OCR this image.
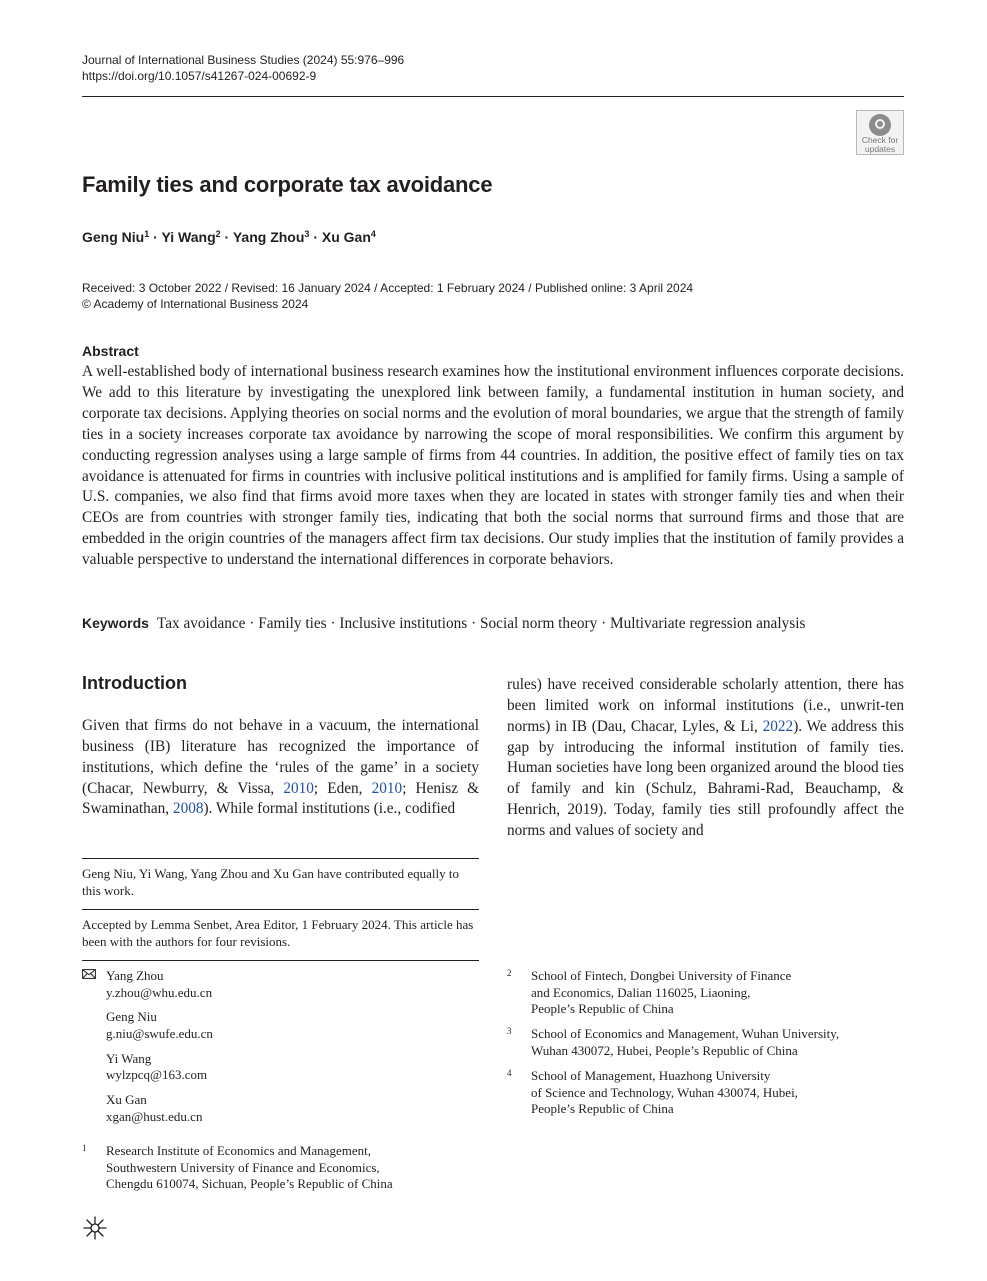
Journal of International Business Studies (2024) 55:976–996
https://doi.org/10.1057/s41267-024-00692-9
Check for
updates
Family ties and corporate tax avoidance
Geng Niu$^1$ · Yi Wang$^2$ · Yang Zhou$^3$ · Xu Gan$^4$
Received: 3 October 2022 / Revised: 16 January 2024 / Accepted: 1 February 2024 / Published online: 3 April 2024
© Academy of International Business 2024
Abstract
A well-established body of international business research examines how the institutional environment influences corporate decisions. We add to this literature by investigating the unexplored link between family, a fundamental institution in human society, and corporate tax decisions. Applying theories on social norms and the evolution of moral boundaries, we argue that the strength of family ties in a society increases corporate tax avoidance by narrowing the scope of moral responsibilities. We confirm this argument by conducting regression analyses using a large sample of firms from 44 countries. In addition, the positive effect of family ties on tax avoidance is attenuated for firms in countries with inclusive political institutions and is amplified for family firms. Using a sample of U.S. companies, we also find that firms avoid more taxes when they are located in states with stronger family ties and when their CEOs are from countries with stronger family ties, indicating that both the social norms that surround firms and those that are embedded in the origin countries of the managers affect firm tax decisions. Our study implies that the institution of family provides a valuable perspective to understand the international differences in corporate behaviors.
Keywords Tax avoidance · Family ties · Inclusive institutions · Social norm theory · Multivariate regression analysis
Introduction
Given that firms do not behave in a vacuum, the international business (IB) literature has recognized the importance of institutions, which define the ‘rules of the game’ in a society (Chacar, Newburry, & Vissa, 2010; Eden, 2010; Henisz & Swaminathan, 2008). While formal institutions (i.e., codified
rules) have received considerable scholarly attention, there has been limited work on informal institutions (i.e., unwrit-ten norms) in IB (Dau, Chacar, Lyles, & Li, 2022). We address this gap by introducing the informal institution of family ties. Human societies have long been organized around the blood ties of family and kin (Schulz, Bahrami-Rad, Beauchamp, & Henrich, 2019). Today, family ties still profoundly affect the norms and values of society and
Geng Niu, Yi Wang, Yang Zhou and Xu Gan have contributed equally to this work.
Accepted by Lemma Senbet, Area Editor, 1 February 2024. This article has been with the authors for four revisions.
Yang Zhou
y.zhou@whu.edu.cn
Geng Niu
g.niu@swufe.edu.cn
Yi Wang
wylzpcq@163.com
Xu Gan
xgan@hust.edu.cn
1 Research Institute of Economics and Management,
Southwestern University of Finance and Economics,
Chengdu 610074, Sichuan, People’s Republic of China
2 School of Fintech, Dongbei University of Finance
and Economics, Dalian 116025, Liaoning,
People’s Republic of China
3 School of Economics and Management, Wuhan University,
Wuhan 430072, Hubei, People’s Republic of China
4 School of Management, Huazhong University
of Science and Technology, Wuhan 430074, Hubei,
People’s Republic of China
